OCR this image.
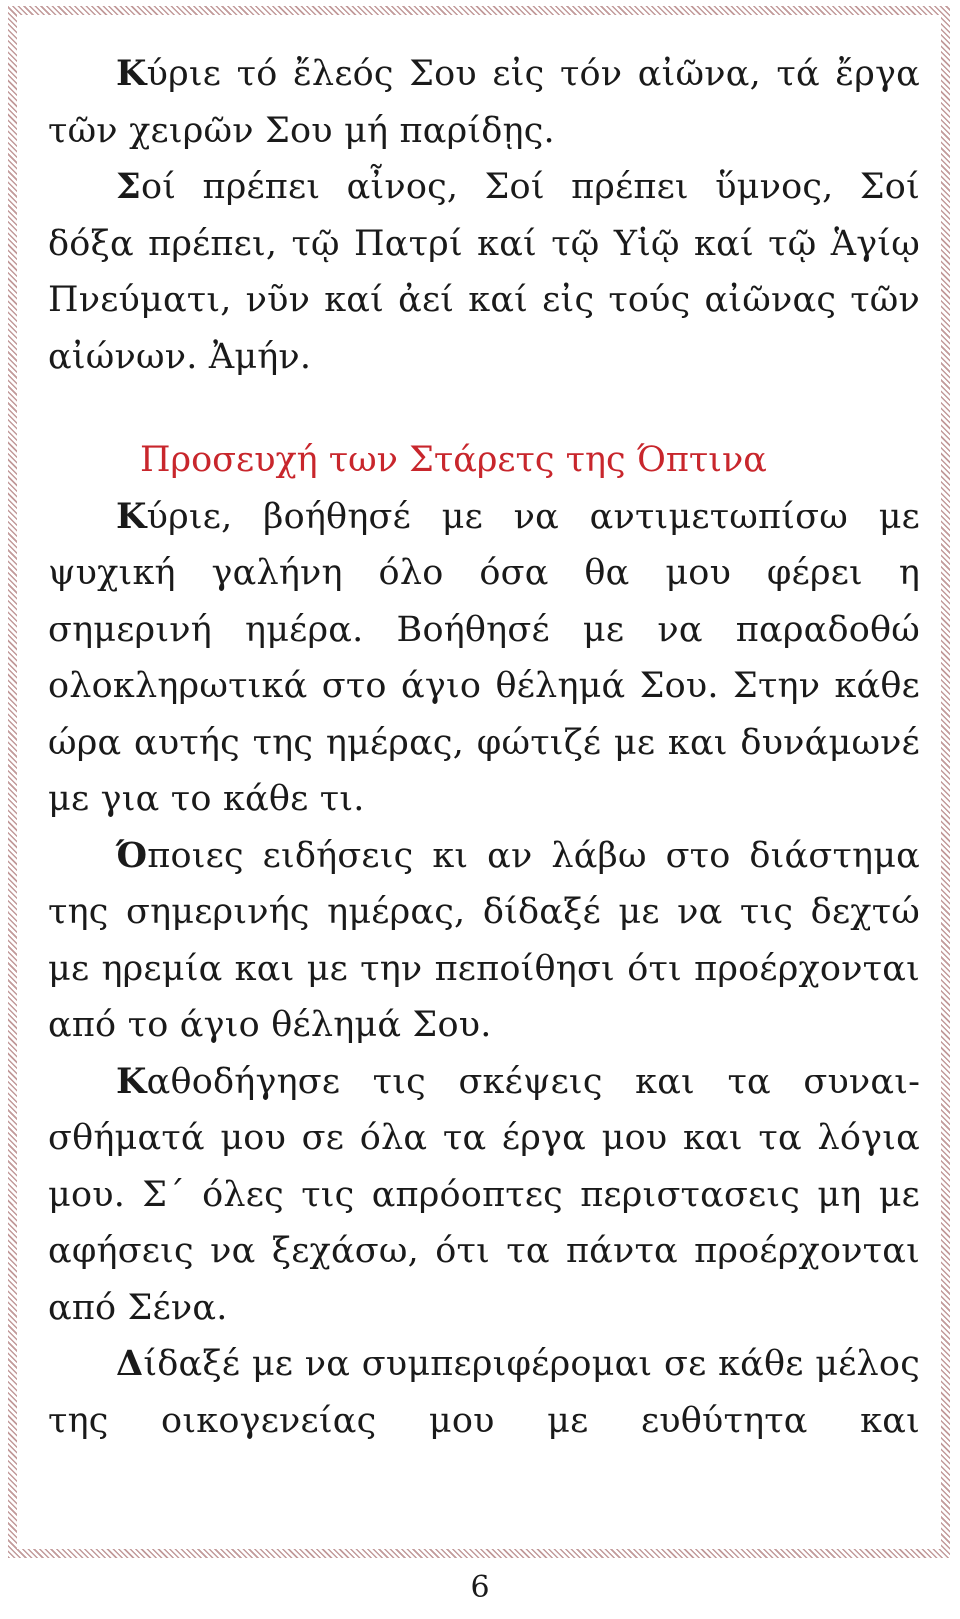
Κύριε τό ἔλεός Σου εἰς τόν αἰῶνα, τά ἔργα τῶν χειρῶν Σου μή παρίδῃς.

Σοί πρέπει αἶνος, Σοί πρέπει ὕμνος, Σοί δόξα πρέπει, τῷ Πατρί καί τῷ Υἱῷ καί τῷ Ἁγίῳ Πνεύματι, νῦν καί ἀεί καί εἰς τούς αἰῶνας τῶν αἰώνων. Ἀμήν.

Προσευχή των Στάρετς της Όπτινα

Κύριε, βοήθησέ με να αντιμετωπίσω με ψυχική γαλήνη όλο όσα θα μου φέρει η σημερινή ημέρα. Βοήθησέ με να παραδοθώ ολοκληρωτικά στο άγιο θέλημά Σου. Στην κάθε ώρα αυτής της ημέρας, φώτιζέ με και δυνάμωνέ με για το κάθε τι.

Όποιες ειδήσεις κι αν λάβω στο διάστημα της σημερινής ημέρας, δίδαξέ με να τις δεχτώ με ηρεμία και με την πεποίθησι ότι προέρχονται από το άγιο θέλημά Σου.

Καθοδήγησε τις σκέψεις και τα συναισθήματά μου σε όλα τα έργα μου και τα λόγια μου. Σ΄ όλες τις απρόοπτες περιστασεις μη με αφήσεις να ξεχάσω, ότι τα πάντα προέρχονται από Σένα.

Δίδαξέ με να συμπεριφέρομαι σε κάθε μέλος της οικογενείας μου με ευθύτητα και

6
